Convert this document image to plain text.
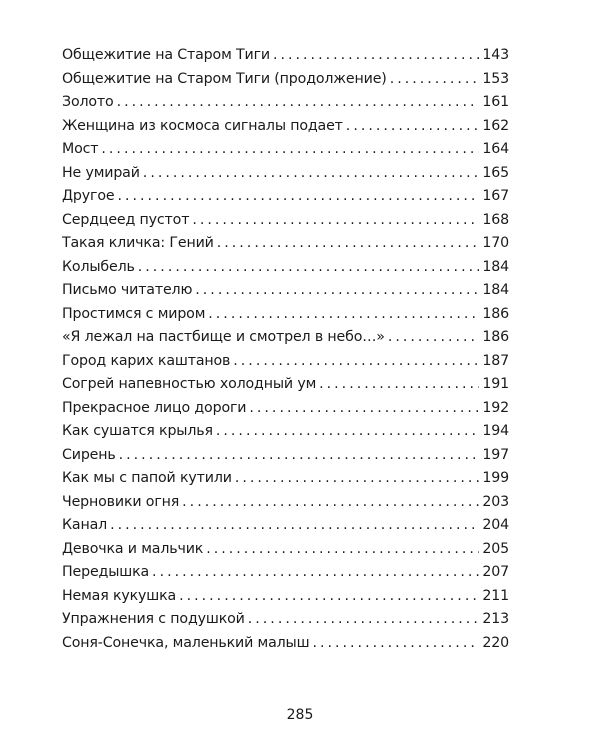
Общежитие на Старом Тиги . . .	143
Общежитие на Старом Тиги (продолжение) . . .	153
Золото . . .	161
Женщина из космоса сигналы подает . . .	162
Мост . . .	164
Не умирай . . .	165
Другое . . .	167
Сердцеед пустот . . .	168
Такая кличка: Гений . . .	170
Колыбель . . .	184
Письмо читателю . . .	184
Простимся с миром . . .	186
«Я лежал на пастбище и смотрел в небо…» . . .	186
Город карих каштанов . . .	187
Согрей напевностью холодный ум . . .	191
Прекрасное лицо дороги . . .	192
Как сушатся крылья . . .	194
Сирень . . .	197
Как мы с папой кутили . . .	199
Черновики огня . . .	203
Канал . . .	204
Девочка и мальчик . . .	205
Передышка . . .	207
Немая кукушка . . .	211
Упражнения с подушкой . . .	213
Соня-Сонечка, маленький малыш . . .	220
285
